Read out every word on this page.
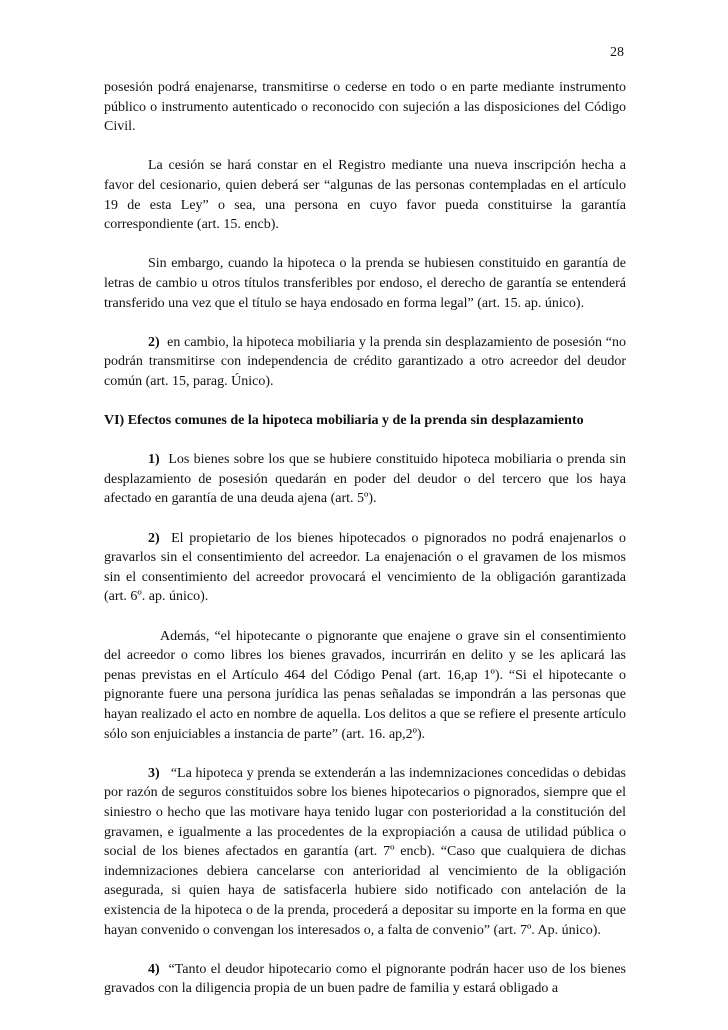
28

posesión podrá enajenarse, transmitirse o cederse en todo o en parte mediante instrumento público o instrumento autenticado o reconocido con sujeción a las disposiciones del Código Civil.

La cesión se hará constar en el Registro mediante una nueva inscripción hecha a favor del cesionario, quien deberá ser “algunas de las personas contempladas en el artículo 19 de esta Ley” o sea, una persona en cuyo favor pueda constituirse la garantía correspondiente (art. 15. encb).

Sin embargo, cuando la hipoteca o la prenda se hubiesen constituido en garantía de letras de cambio u otros títulos transferibles por endoso, el derecho de garantía se entenderá transferido una vez que el título se haya endosado en forma legal” (art. 15. ap. único).

2) en cambio, la hipoteca mobiliaria y la prenda sin desplazamiento de posesión “no podrán transmitirse con independencia de crédito garantizado a otro acreedor del deudor común (art. 15, parag. Único).

VI) Efectos comunes de la hipoteca mobiliaria y de la prenda sin desplazamiento

1) Los bienes sobre los que se hubiere constituido hipoteca mobiliaria o prenda sin desplazamiento de posesión quedarán en poder del deudor o del tercero que los haya afectado en garantía de una deuda ajena (art. 5º).

2) El propietario de los bienes hipotecados o pignorados no podrá enajenarlos o gravarlos sin el consentimiento del acreedor. La enajenación o el gravamen de los mismos sin el consentimiento del acreedor provocará el vencimiento de la obligación garantizada (art. 6º. ap. único).

Además, “el hipotecante o pignorante que enajene o grave sin el consentimiento del acreedor o como libres los bienes gravados, incurrirán en delito y se les aplicará las penas previstas en el Artículo 464 del Código Penal (art. 16,ap 1º). “Si el hipotecante o pignorante fuere una persona jurídica las penas señaladas se impondrán a las personas que hayan realizado el acto en nombre de aquella. Los delitos a que se refiere el presente artículo sólo son enjuiciables a instancia de parte” (art. 16. ap,2º).

3) “La hipoteca y prenda se extenderán a las indemnizaciones concedidas o debidas por razón de seguros constituidos sobre los bienes hipotecarios o pignorados, siempre que el siniestro o hecho que las motivare haya tenido lugar con posterioridad a la constitución del gravamen, e igualmente a las procedentes de la expropiación a causa de utilidad pública o social de los bienes afectados en garantía (art. 7º encb). “Caso que cualquiera de dichas indemnizaciones debiera cancelarse con anterioridad al vencimiento de la obligación asegurada, si quien haya de satisfacerla hubiere sido notificado con antelación de la existencia de la hipoteca o de la prenda, procederá a depositar su importe en la forma en que hayan convenido o convengan los interesados o, a falta de convenio” (art. 7º. Ap. único).

4) “Tanto el deudor hipotecario como el pignorante podrán hacer uso de los bienes gravados con la diligencia propia de un buen padre de familia y estará obligado a
